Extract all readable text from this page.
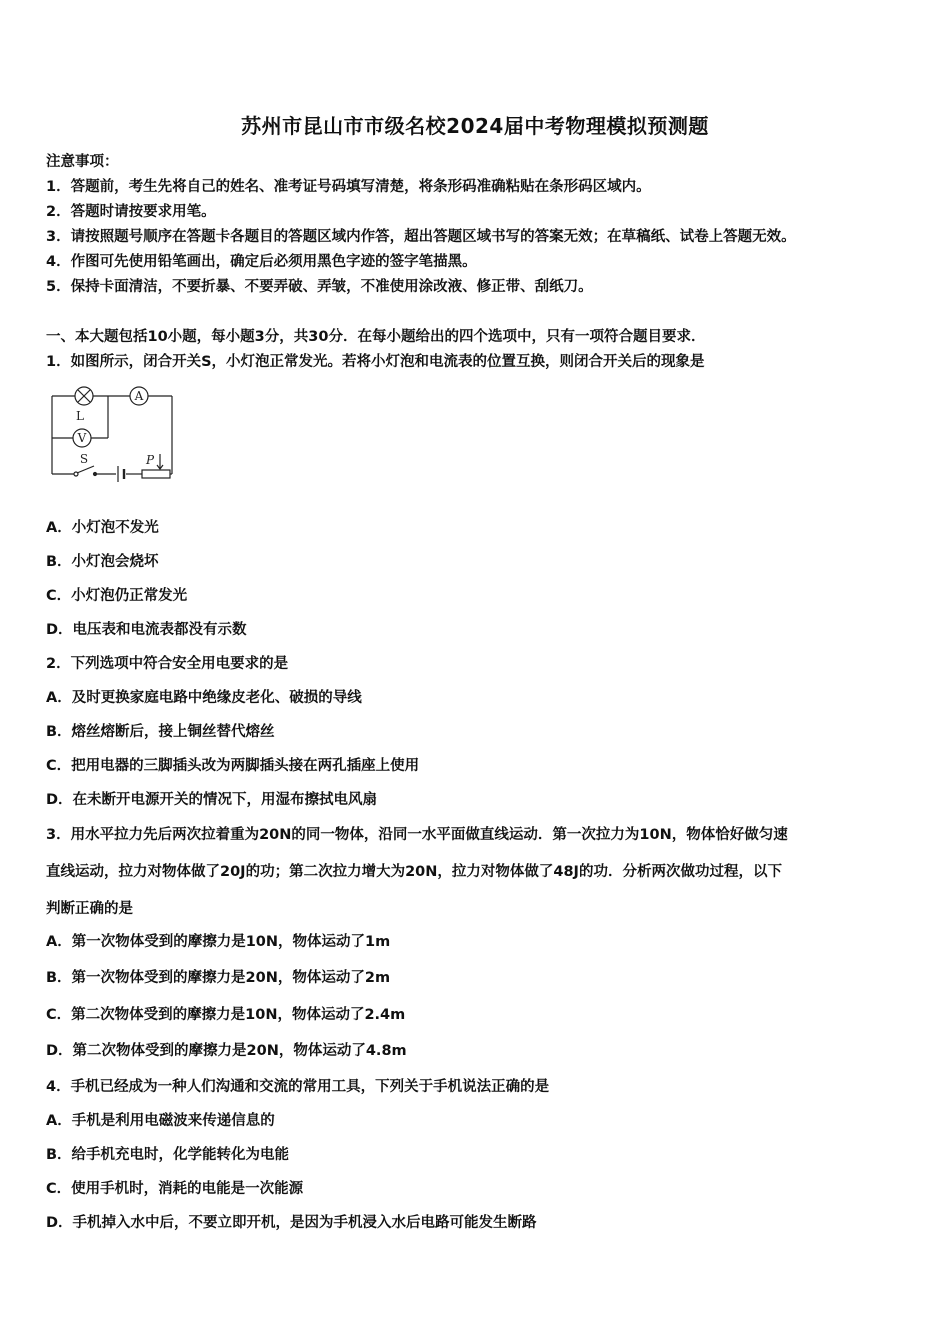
苏州市昆山市市级名校2024届中考物理模拟预测题
注意事项：
1．答题前，考生先将自己的姓名、准考证号码填写清楚，将条形码准确粘贴在条形码区域内。
2．答题时请按要求用笔。
3．请按照题号顺序在答题卡各题目的答题区域内作答，超出答题区域书写的答案无效；在草稿纸、试卷上答题无效。
4．作图可先使用铅笔画出，确定后必须用黑色字迹的签字笔描黑。
5．保持卡面清洁，不要折暴、不要弄破、弄皱，不准使用涂改液、修正带、刮纸刀。
一、本大题包括10小题，每小题3分，共30分．在每小题给出的四个选项中，只有一项符合题目要求．
1．如图所示，闭合开关S，小灯泡正常发光。若将小灯泡和电流表的位置互换，则闭合开关后的现象是
A
V
L
S	P
A．小灯泡不发光
B．小灯泡会烧坏
C．小灯泡仍正常发光
D．电压表和电流表都没有示数
2．下列选项中符合安全用电要求的是
A．及时更换家庭电路中绝缘皮老化、破损的导线
B．熔丝熔断后，接上铜丝替代熔丝
C．把用电器的三脚插头改为两脚插头接在两孔插座上使用
D．在未断开电源开关的情况下，用湿布擦拭电风扇
3．用水平拉力先后两次拉着重为20N的同一物体，沿同一水平面做直线运动．第一次拉力为10N，物体恰好做匀速
直线运动，拉力对物体做了20J的功；第二次拉力增大为20N，拉力对物体做了48J的功．分析两次做功过程，以下
判断正确的是
A．第一次物体受到的摩擦力是10N，物体运动了1m
B．第一次物体受到的摩擦力是20N，物体运动了2m
C．第二次物体受到的摩擦力是10N，物体运动了2.4m
D．第二次物体受到的摩擦力是20N，物体运动了4.8m
4．手机已经成为一种人们沟通和交流的常用工具，下列关于手机说法正确的是
A．手机是利用电磁波来传递信息的
B．给手机充电时，化学能转化为电能
C．使用手机时，消耗的电能是一次能源
D．手机掉入水中后，不要立即开机，是因为手机浸入水后电路可能发生断路
